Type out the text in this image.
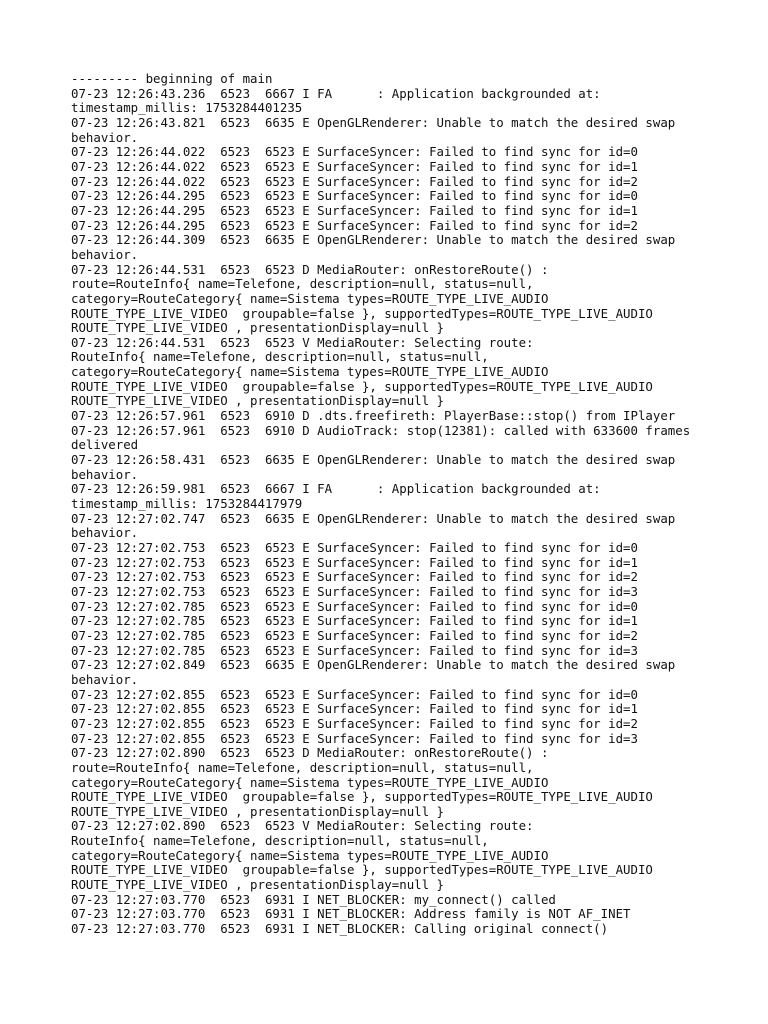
--------- beginning of main
07-23 12:26:43.236  6523  6667 I FA      : Application backgrounded at:
timestamp_millis: 1753284401235
07-23 12:26:43.821  6523  6635 E OpenGLRenderer: Unable to match the desired swap
behavior.
07-23 12:26:44.022  6523  6523 E SurfaceSyncer: Failed to find sync for id=0
07-23 12:26:44.022  6523  6523 E SurfaceSyncer: Failed to find sync for id=1
07-23 12:26:44.022  6523  6523 E SurfaceSyncer: Failed to find sync for id=2
07-23 12:26:44.295  6523  6523 E SurfaceSyncer: Failed to find sync for id=0
07-23 12:26:44.295  6523  6523 E SurfaceSyncer: Failed to find sync for id=1
07-23 12:26:44.295  6523  6523 E SurfaceSyncer: Failed to find sync for id=2
07-23 12:26:44.309  6523  6635 E OpenGLRenderer: Unable to match the desired swap
behavior.
07-23 12:26:44.531  6523  6523 D MediaRouter: onRestoreRoute() :
route=RouteInfo{ name=Telefone, description=null, status=null,
category=RouteCategory{ name=Sistema types=ROUTE_TYPE_LIVE_AUDIO
ROUTE_TYPE_LIVE_VIDEO  groupable=false }, supportedTypes=ROUTE_TYPE_LIVE_AUDIO
ROUTE_TYPE_LIVE_VIDEO , presentationDisplay=null }
07-23 12:26:44.531  6523  6523 V MediaRouter: Selecting route:
RouteInfo{ name=Telefone, description=null, status=null,
category=RouteCategory{ name=Sistema types=ROUTE_TYPE_LIVE_AUDIO
ROUTE_TYPE_LIVE_VIDEO  groupable=false }, supportedTypes=ROUTE_TYPE_LIVE_AUDIO
ROUTE_TYPE_LIVE_VIDEO , presentationDisplay=null }
07-23 12:26:57.961  6523  6910 D .dts.freefireth: PlayerBase::stop() from IPlayer
07-23 12:26:57.961  6523  6910 D AudioTrack: stop(12381): called with 633600 frames
delivered
07-23 12:26:58.431  6523  6635 E OpenGLRenderer: Unable to match the desired swap
behavior.
07-23 12:26:59.981  6523  6667 I FA      : Application backgrounded at:
timestamp_millis: 1753284417979
07-23 12:27:02.747  6523  6635 E OpenGLRenderer: Unable to match the desired swap
behavior.
07-23 12:27:02.753  6523  6523 E SurfaceSyncer: Failed to find sync for id=0
07-23 12:27:02.753  6523  6523 E SurfaceSyncer: Failed to find sync for id=1
07-23 12:27:02.753  6523  6523 E SurfaceSyncer: Failed to find sync for id=2
07-23 12:27:02.753  6523  6523 E SurfaceSyncer: Failed to find sync for id=3
07-23 12:27:02.785  6523  6523 E SurfaceSyncer: Failed to find sync for id=0
07-23 12:27:02.785  6523  6523 E SurfaceSyncer: Failed to find sync for id=1
07-23 12:27:02.785  6523  6523 E SurfaceSyncer: Failed to find sync for id=2
07-23 12:27:02.785  6523  6523 E SurfaceSyncer: Failed to find sync for id=3
07-23 12:27:02.849  6523  6635 E OpenGLRenderer: Unable to match the desired swap
behavior.
07-23 12:27:02.855  6523  6523 E SurfaceSyncer: Failed to find sync for id=0
07-23 12:27:02.855  6523  6523 E SurfaceSyncer: Failed to find sync for id=1
07-23 12:27:02.855  6523  6523 E SurfaceSyncer: Failed to find sync for id=2
07-23 12:27:02.855  6523  6523 E SurfaceSyncer: Failed to find sync for id=3
07-23 12:27:02.890  6523  6523 D MediaRouter: onRestoreRoute() :
route=RouteInfo{ name=Telefone, description=null, status=null,
category=RouteCategory{ name=Sistema types=ROUTE_TYPE_LIVE_AUDIO
ROUTE_TYPE_LIVE_VIDEO  groupable=false }, supportedTypes=ROUTE_TYPE_LIVE_AUDIO
ROUTE_TYPE_LIVE_VIDEO , presentationDisplay=null }
07-23 12:27:02.890  6523  6523 V MediaRouter: Selecting route:
RouteInfo{ name=Telefone, description=null, status=null,
category=RouteCategory{ name=Sistema types=ROUTE_TYPE_LIVE_AUDIO
ROUTE_TYPE_LIVE_VIDEO  groupable=false }, supportedTypes=ROUTE_TYPE_LIVE_AUDIO
ROUTE_TYPE_LIVE_VIDEO , presentationDisplay=null }
07-23 12:27:03.770  6523  6931 I NET_BLOCKER: my_connect() called
07-23 12:27:03.770  6523  6931 I NET_BLOCKER: Address family is NOT AF_INET
07-23 12:27:03.770  6523  6931 I NET_BLOCKER: Calling original connect()
